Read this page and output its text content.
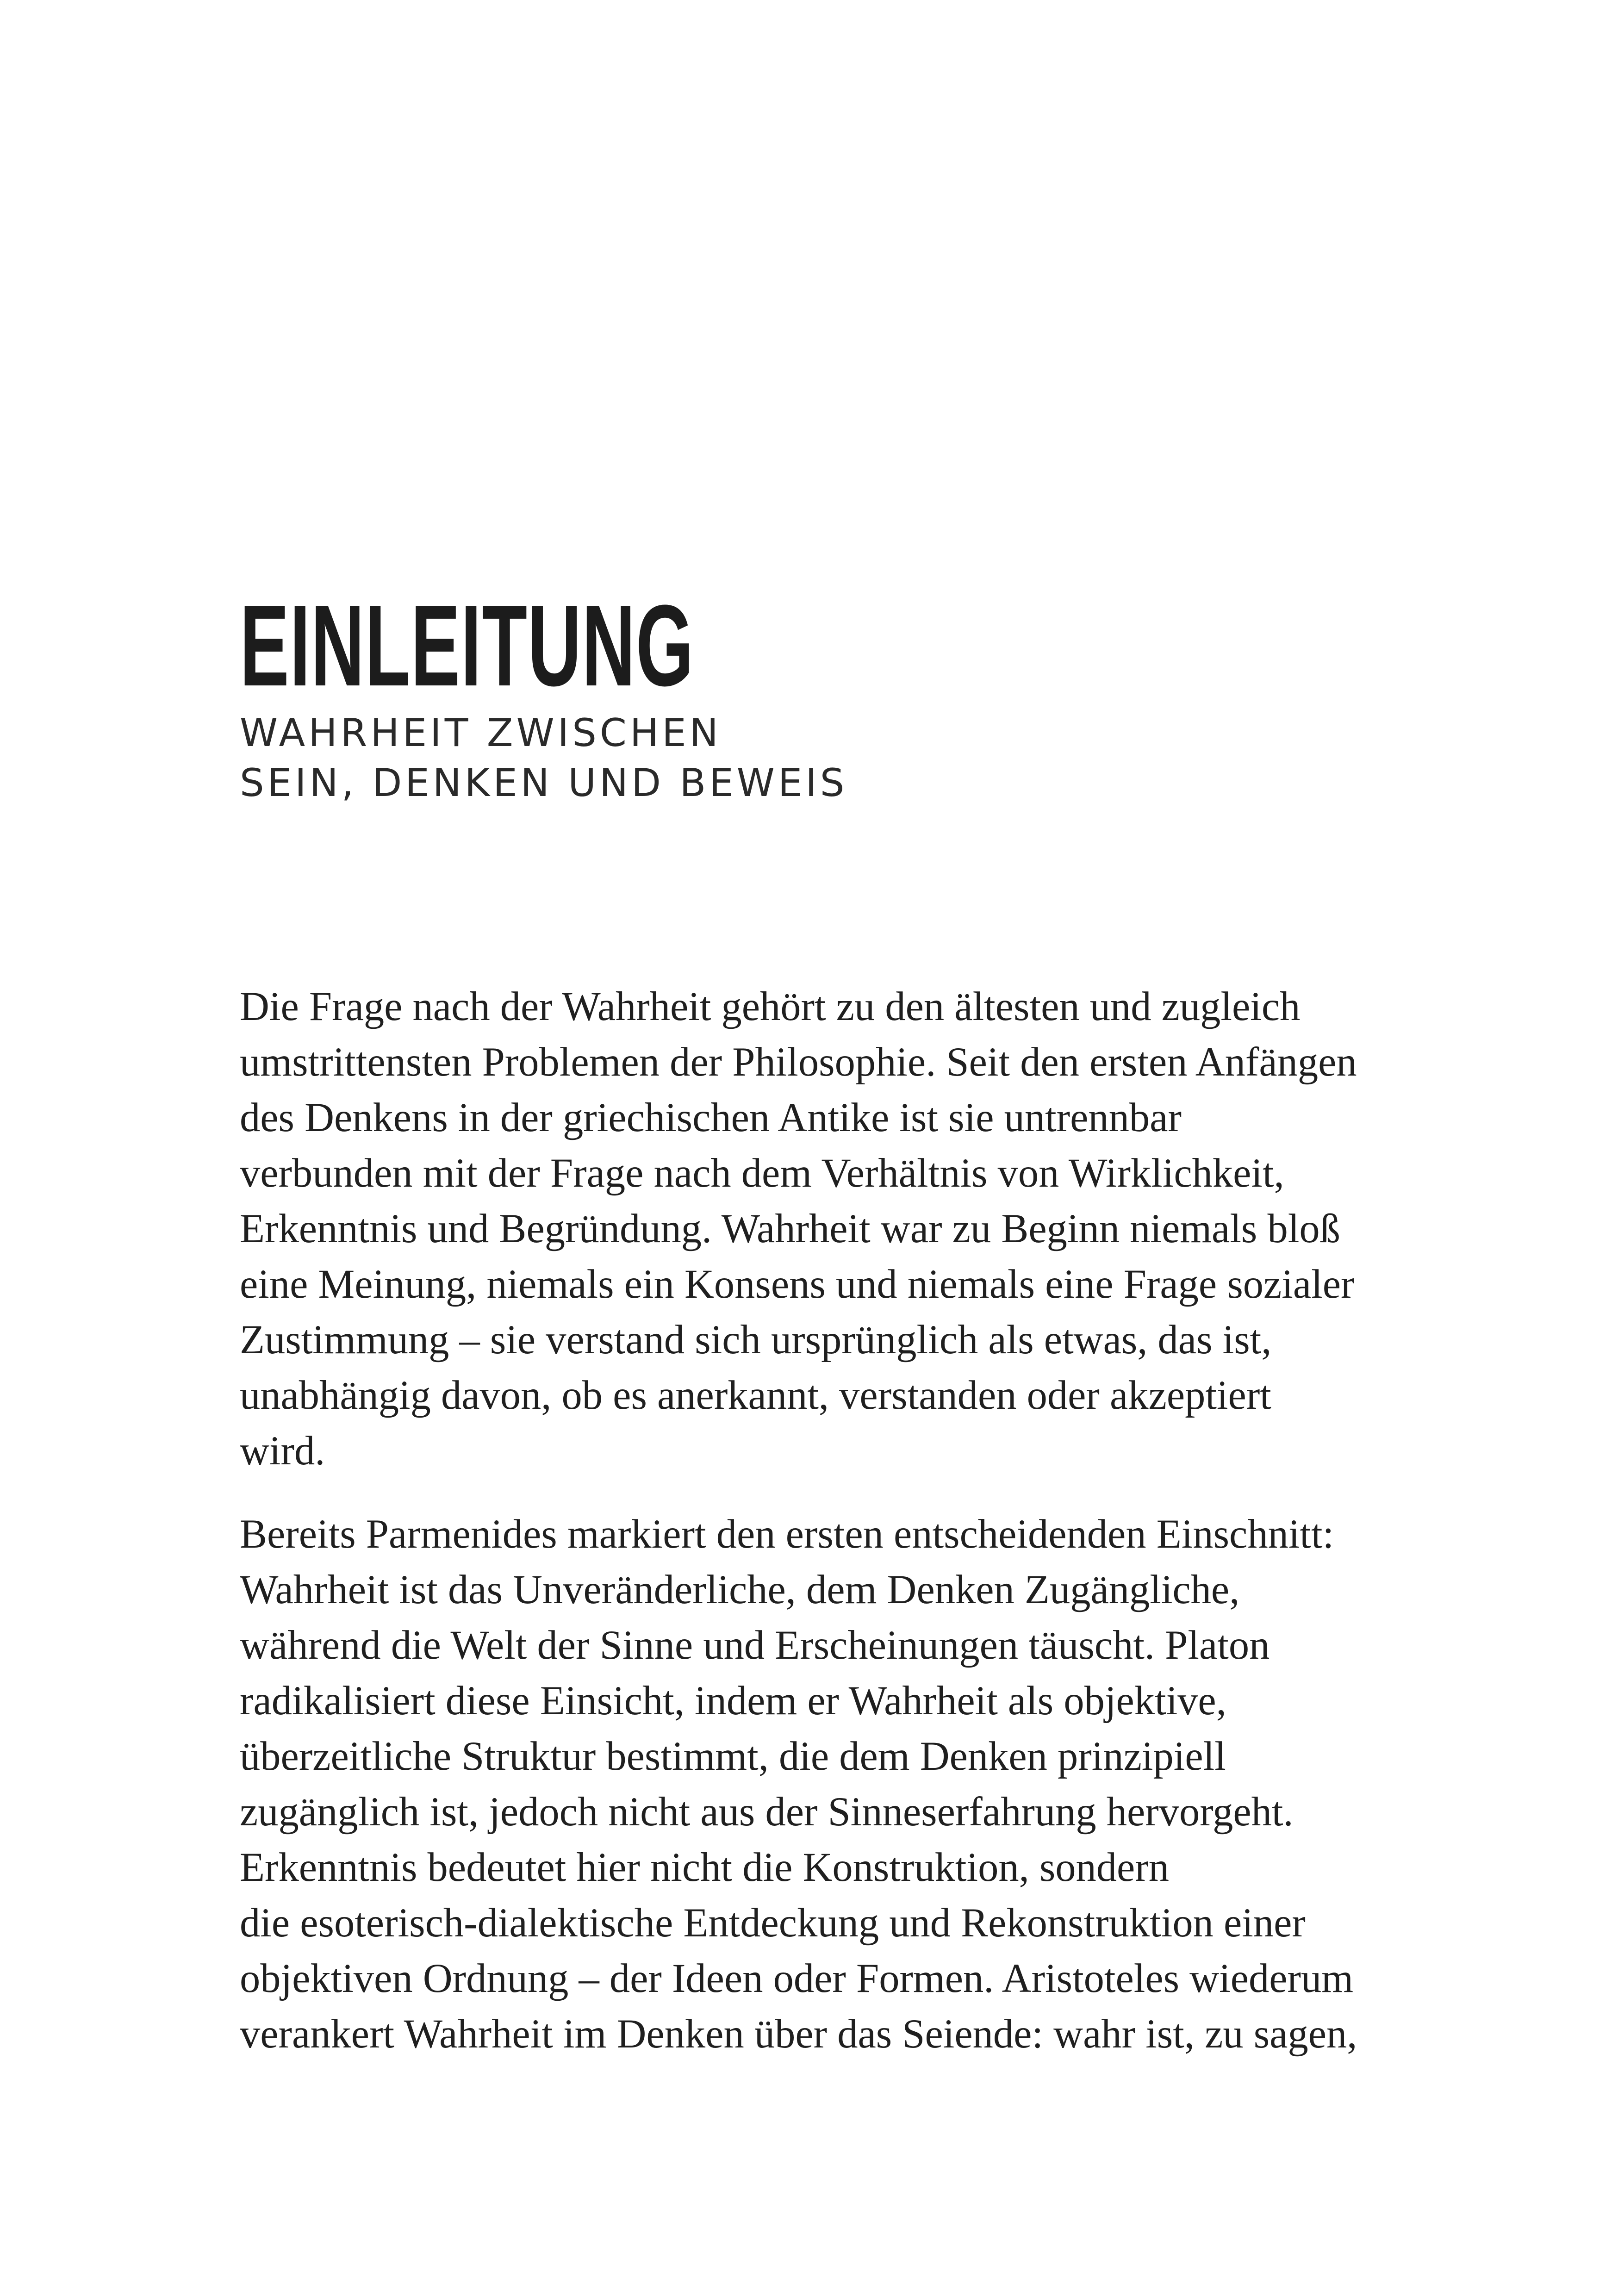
EINLEITUNG
WAHRHEIT ZWISCHEN
SEIN, DENKEN UND BEWEIS

Die Frage nach der Wahrheit gehört zu den ältesten und zugleich
umstrittensten Problemen der Philosophie. Seit den ersten Anfängen
des Denkens in der griechischen Antike ist sie untrennbar
verbunden mit der Frage nach dem Verhältnis von Wirklichkeit,
Erkenntnis und Begründung. Wahrheit war zu Beginn niemals bloß
eine Meinung, niemals ein Konsens und niemals eine Frage sozialer
Zustimmung – sie verstand sich ursprünglich als etwas, das ist,
unabhängig davon, ob es anerkannt, verstanden oder akzeptiert
wird.

Bereits Parmenides markiert den ersten entscheidenden Einschnitt:
Wahrheit ist das Unveränderliche, dem Denken Zugängliche,
während die Welt der Sinne und Erscheinungen täuscht. Platon
radikalisiert diese Einsicht, indem er Wahrheit als objektive,
überzeitliche Struktur bestimmt, die dem Denken prinzipiell
zugänglich ist, jedoch nicht aus der Sinneserfahrung hervorgeht.
Erkenntnis bedeutet hier nicht die Konstruktion, sondern
die esoterisch-dialektische Entdeckung und Rekonstruktion einer
objektiven Ordnung – der Ideen oder Formen. Aristoteles wiederum
verankert Wahrheit im Denken über das Seiende: wahr ist, zu sagen,
